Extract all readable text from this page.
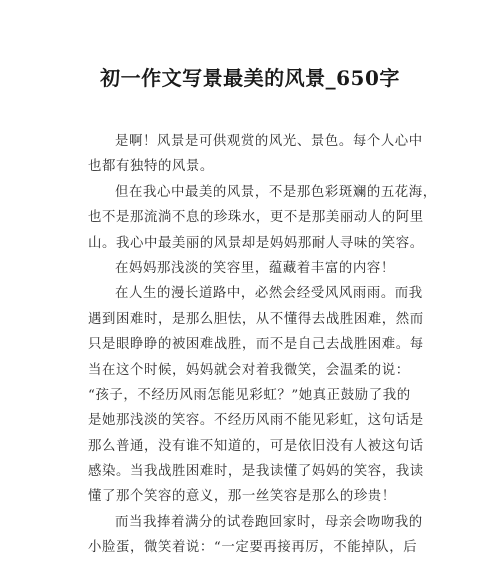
初一作文写景最美的风景_650字

是啊！风景是可供观赏的风光、景色。每个人心中
也都有独特的风景。

但在我心中最美的风景，不是那色彩斑斓的五花海，
也不是那流淌不息的珍珠水，更不是那美丽动人的阿里
山。我心中最美丽的风景却是妈妈那耐人寻味的笑容。

在妈妈那浅淡的笑容里，蕴藏着丰富的内容！

在人生的漫长道路中，必然会经受风风雨雨。而我
遇到困难时，是那么胆怯，从不懂得去战胜困难，然而
只是眼睁睁的被困难战胜，而不是自己去战胜困难。每
当在这个时候，妈妈就会对着我微笑，会温柔的说：
“孩子，不经历风雨怎能见彩虹？”她真正鼓励了我的
是她那浅淡的笑容。不经历风雨不能见彩虹，这句话是
那么普通，没有谁不知道的，可是依旧没有人被这句话
感染。当我战胜困难时，是我读懂了妈妈的笑容，我读
懂了那个笑容的意义，那一丝笑容是那么的珍贵！

而当我捧着满分的试卷跑回家时，母亲会吻吻我的
小脸蛋，微笑着说：“一定要再接再厉，不能掉队，后
